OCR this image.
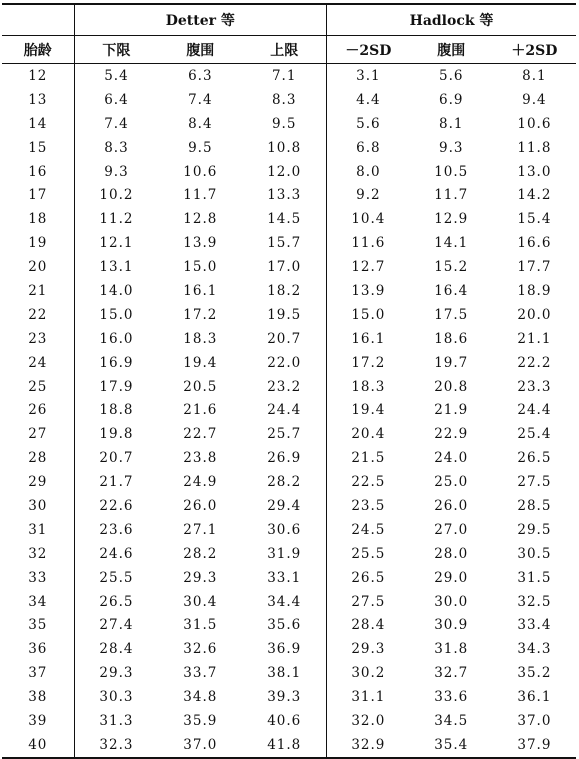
	Detter 等			Hadlock 等		
胎龄	下限	腹围	上限	－2SD	腹围	＋2SD
12	5.4	6.3	7.1	3.1	5.6	8.1
13	6.4	7.4	8.3	4.4	6.9	9.4
14	7.4	8.4	9.5	5.6	8.1	10.6
15	8.3	9.5	10.8	6.8	9.3	11.8
16	9.3	10.6	12.0	8.0	10.5	13.0
17	10.2	11.7	13.3	9.2	11.7	14.2
18	11.2	12.8	14.5	10.4	12.9	15.4
19	12.1	13.9	15.7	11.6	14.1	16.6
20	13.1	15.0	17.0	12.7	15.2	17.7
21	14.0	16.1	18.2	13.9	16.4	18.9
22	15.0	17.2	19.5	15.0	17.5	20.0
23	16.0	18.3	20.7	16.1	18.6	21.1
24	16.9	19.4	22.0	17.2	19.7	22.2
25	17.9	20.5	23.2	18.3	20.8	23.3
26	18.8	21.6	24.4	19.4	21.9	24.4
27	19.8	22.7	25.7	20.4	22.9	25.4
28	20.7	23.8	26.9	21.5	24.0	26.5
29	21.7	24.9	28.2	22.5	25.0	27.5
30	22.6	26.0	29.4	23.5	26.0	28.5
31	23.6	27.1	30.6	24.5	27.0	29.5
32	24.6	28.2	31.9	25.5	28.0	30.5
33	25.5	29.3	33.1	26.5	29.0	31.5
34	26.5	30.4	34.4	27.5	30.0	32.5
35	27.4	31.5	35.6	28.4	30.9	33.4
36	28.4	32.6	36.9	29.3	31.8	34.3
37	29.3	33.7	38.1	30.2	32.7	35.2
38	30.3	34.8	39.3	31.1	33.6	36.1
39	31.3	35.9	40.6	32.0	34.5	37.0
40	32.3	37.0	41.8	32.9	35.4	37.9
